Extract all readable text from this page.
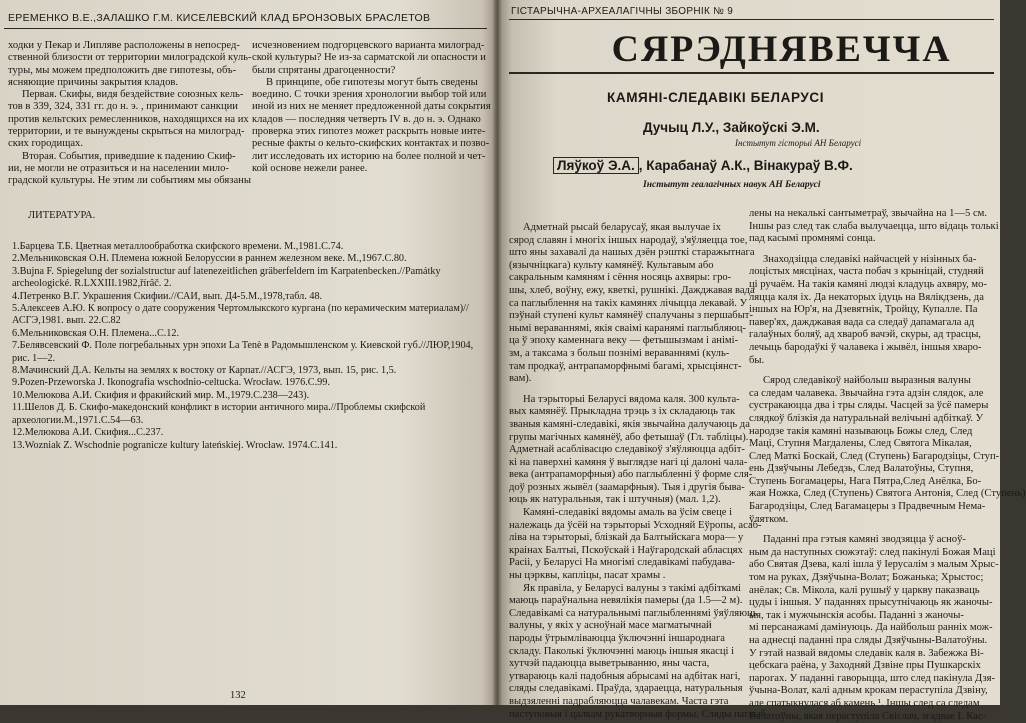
ЕРЕМЕНКО В.Е.,ЗАЛАШКО Г.М. КИСЕЛЕВСКИЙ КЛАД БРОНЗОВЫХ БРАСЛЕТОВ
ходки у Пекар и Липляве расположены в непосред-
ственной близости от территории милоградской куль-
туры, мы можем предположить две гипотезы, объ-
ясняющие причины закрытия кладов.
Первая. Скифы, видя бездействие союзных кель-
тов в 339, 324, 331 гг. до н. э. , принимают санкции
против кельтских ремесленников, находящихся на их
территории, и те вынуждены скрыться на милоград-
ских городищах.
Вторая. События, приведшие к падению Скиф-
ии, не могли не отразиться и на населении мило-
градской культуры. Не этим ли событиям мы обязаны
исчезновением подгорцевского варианта милоград-
ской культуры? Не из-за сарматской ли опасности и
были спрятаны драгоценности?
В принципе, обе гипотезы могут быть сведены
воедино. С точки зрения хронологии выбор той или
иной из них не меняет предложенной даты сокрытия
кладов — последняя четверть IV в. до н. э. Однако
проверка этих гипотез может раскрыть новые инте-
ресные факты о кельто-скифских контактах и позво-
лит исследовать их историю на более полной и чет-
кой основе нежели ранее.
ЛИТЕРАТУРА.
1.Барцева Т.Б. Цветная металлообработка скифского времени. М.,1981.С.74.
2.Мельниковская О.Н. Племена южной Белоруссии в раннем железном веке. М.,1967.С.80.
3.Bujna F. Spiegelung der sozialstructur auf latenezeitlichen gräberfeldern im Karpatenbecken.//Památky
archeologické. R.LXXIII.1982,řírâč. 2.
4.Петренко В.Г. Украшения Скифии.//САИ, вып. Д4-5.М.,1978,табл. 48.
5.Алексеев А.Ю. К вопросу о дате сооружения Чертомлыкского кургана (по керамическим материалам)//
АСГЭ,1981. вып. 22.С.82
6.Мельниковская О.Н. Племена...С.12.
7.Белявсевский Ф. Поле погребальных урн эпохи La Tenè в Радомышленском у. Киевской губ.//ЛЮР,1904,
рис. 1—2.
8.Мачинский Д.А. Кельты на землях к востоку от Карпат.//АСГЭ, 1973, вып. 15, рис. 1,5.
9.Pozen-Przeworska J. Ikonografia wschodnio-celtucka. Wrocław. 1976.С.99.
10.Мелюкова А.И. Скифия и фракийский мир. М.,1979.С.238—243).
11.Шелов Д. Б. Скифо-македонский конфликт в истории античного мира.//Проблемы скифской
археологии.М.,1971.С.54—63.
12.Мелюкова А.И. Скифия...С.237.
13.Wozniak Z. Wschodnie pogranicze kultury lateńskiej. Wrocław. 1974.С.141.
132
ГІСТАРЫЧНА-АРХЕАЛАГІЧНЫ ЗБОРНІК № 9
СЯРЭДНЯВЕЧЧА
КАМЯНІ-СЛЕДАВІКІ БЕЛАРУСІ
Дучыц Л.У., Зайкоўскі Э.М.
Інстытут гісторыі АН Беларусі
Ляўкоў Э.А. , Карабанаў А.К., Вінакураў В.Ф.
Інстытут геалагічных навук АН Беларусі
Адметнай рысай беларусаў, якая вылучае іх
сярод славян і многіх іншых народаў, з'яўляецца тое,
што яны захавалі да нашых дзён рэшткі старажытнага
(язычніцкага) культу камянёў. Культавым або
сакральным камяням і сёння носяць ахвяры: гро-
шы, хлеб, воўну, ежу, кветкі, рушнікі. Дажджавая вада
са паглыблення на такіх камянях лічыцца лекавай. У
пэўнай ступені культ камянёў спалучаны з першабыт-
нымі вераваннямі, якія сваімі каранямі паглыбляюц-
ца ў эпоху каменнага веку — фетышызмам і анімі-
зм, а таксама з больш познімі вераваннямі (куль-
там продкаў, антрапаморфнымі багамі, хрысціянст-
вам).
На тэрыторыі Беларусі вядома каля. 300 культа-
вых камянёў. Прыкладна трэць з іх складаюць так
званыя камяні-следавікі, якія звычайна далучаюць да
групы магічных камянёў, або фетышаў (Гл. табліцы).
Адметнай асаблівасцю следавікоў з'яўляюцца адбіт-
кі на паверхні камяня ў выглядзе нагі ці далоні чала-
века (антрапаморфныя) або паглыбленні ў форме сля-
доў розных жывёл (заамарфныя). Тыя і другія быва-
юць як натуральныя, так і штучныя) (мал. 1,2).
Камяні-следавікі вядомы амаль ва ўсім свеце і
належаць да ўсёй на тэрыторыі Усходняй Еўропы, асаб-
ліва на тэрыторыі, блізкай да Балтыйскага мора— у
краінах Балтыі, Пскоўскай і Наўгародскай абласцях
Расіі, у Беларусі На многімі следавікамі пабудава-
ны цэрквы, капліцы, пасат храмы .
Як правіла, у Беларусі валуны з такімі адбіткамі
маюць параўнальна невялікія памеры (да 1.5—2 м).
Следавікамі са натуральнымі паглыбленнямі ўяўляюць
валуны, у якіх у асноўнай масе магматычнай
пароды ўтрымліваюцца ўключэнні іншароднага
складу. Паколькі ўключэнні маюць іншыя якасці і
хутчэй падаюцца выветрыванню, яны часта,
утвараюць калі падобныя абрысамі на адбітак нагі,
сляды следавікамі. Праўда, здараецца, натуральныя
выдзяленні падрабляюцца чалавекам. Часта гэта
паступовыя і цалкам рукатворныя формы. Сляды паглыб-
лены на некалькі сантыметраў, звычайна на 1—5 см.
Іншы раз след так слаба вылучаецца, што відаць толькі
пад касымі промнямі сонца.
Знаходзіцца следавікі найчасцей у нізінных ба-
лоцістых мясцінах, часта побач з крыніцай, студняй
ці ручаём. На такія камяні людзі кладуць ахвяру, мо-
ляцца каля іх. Да некаторых ідуць на Вялікдзень, да
іншых на Юр'я, на Дзевятнік, Тройцу, Купалле. Па
павер'ях, дажджавая вада са следаў дапамагала ад
галаўных боляў, ад хвароб вачэй, скуры, ад трасцы,
лечыць бародаўкі ў чалавека і жывёл, іншыя хваро-
бы.
Сярод следавікоў найбольш выразныя валуны
са следам чалавека. Звычайна гэта адзін слядок, але
сустракаюцца два і тры сляды. Часцей за ўсё памеры
слядкоў блізкія да натуральнай велічыні адбіткаў. У
народзе такія камяні называюць Божы след, След
Маці, Ступня Магдалены, След Святога Мікалая,
След Маткі Боскай, След (Ступень) Багародзіцы, Ступ-
ень Дзяўчыны Лебедзь, След Валатоўны, Ступня,
Ступень Богамацеры, Нага Пятра,След Анёлка, Бо-
жая Ножка, След (Ступень) Святога Антонія, След (Ступень)
Багародзіцы, След Багамацеры з Прадвечным Нема-
ўлятком.
Паданні пра гэтыя камяні зводзяцца ў асноў-
ным да наступных сюжэтаў: след пакінулі Божая Маці
або Святая Дзева, калі ішла ў Іерусалім з малым Хрыс-
том на руках, Дзяўчына-Волат; Божанька; Хрыстос;
анёлак; Св. Мікола, калі рушыў у царкву паказваць
цуды і іншыя. У паданнях прысутнічаюць як жаночы-
ыя, так і мужчынскія асобы. Паданні з жаночы-
мі персанажамі дамінуюць. Да найбольш ранніх мож-
на аднесці паданні пра сляды Дзяўчыны-Валатоўны.
У гэтай назвай вядомы следавік каля в. Забежжа Ві-
цебскага раёна, у Заходняй Дзвіне пры Пушкарскіх
парогах. У паданні гаворыцца, што след пакінула Дзя-
ўчына-Волат, калі адным крокам пераступіла Дзвіну,
але спатыкнулася аб камень ¹. Іншы след са следам
Валатоўны, якая пераступіла Свіслач, згадвае І. Кас-
